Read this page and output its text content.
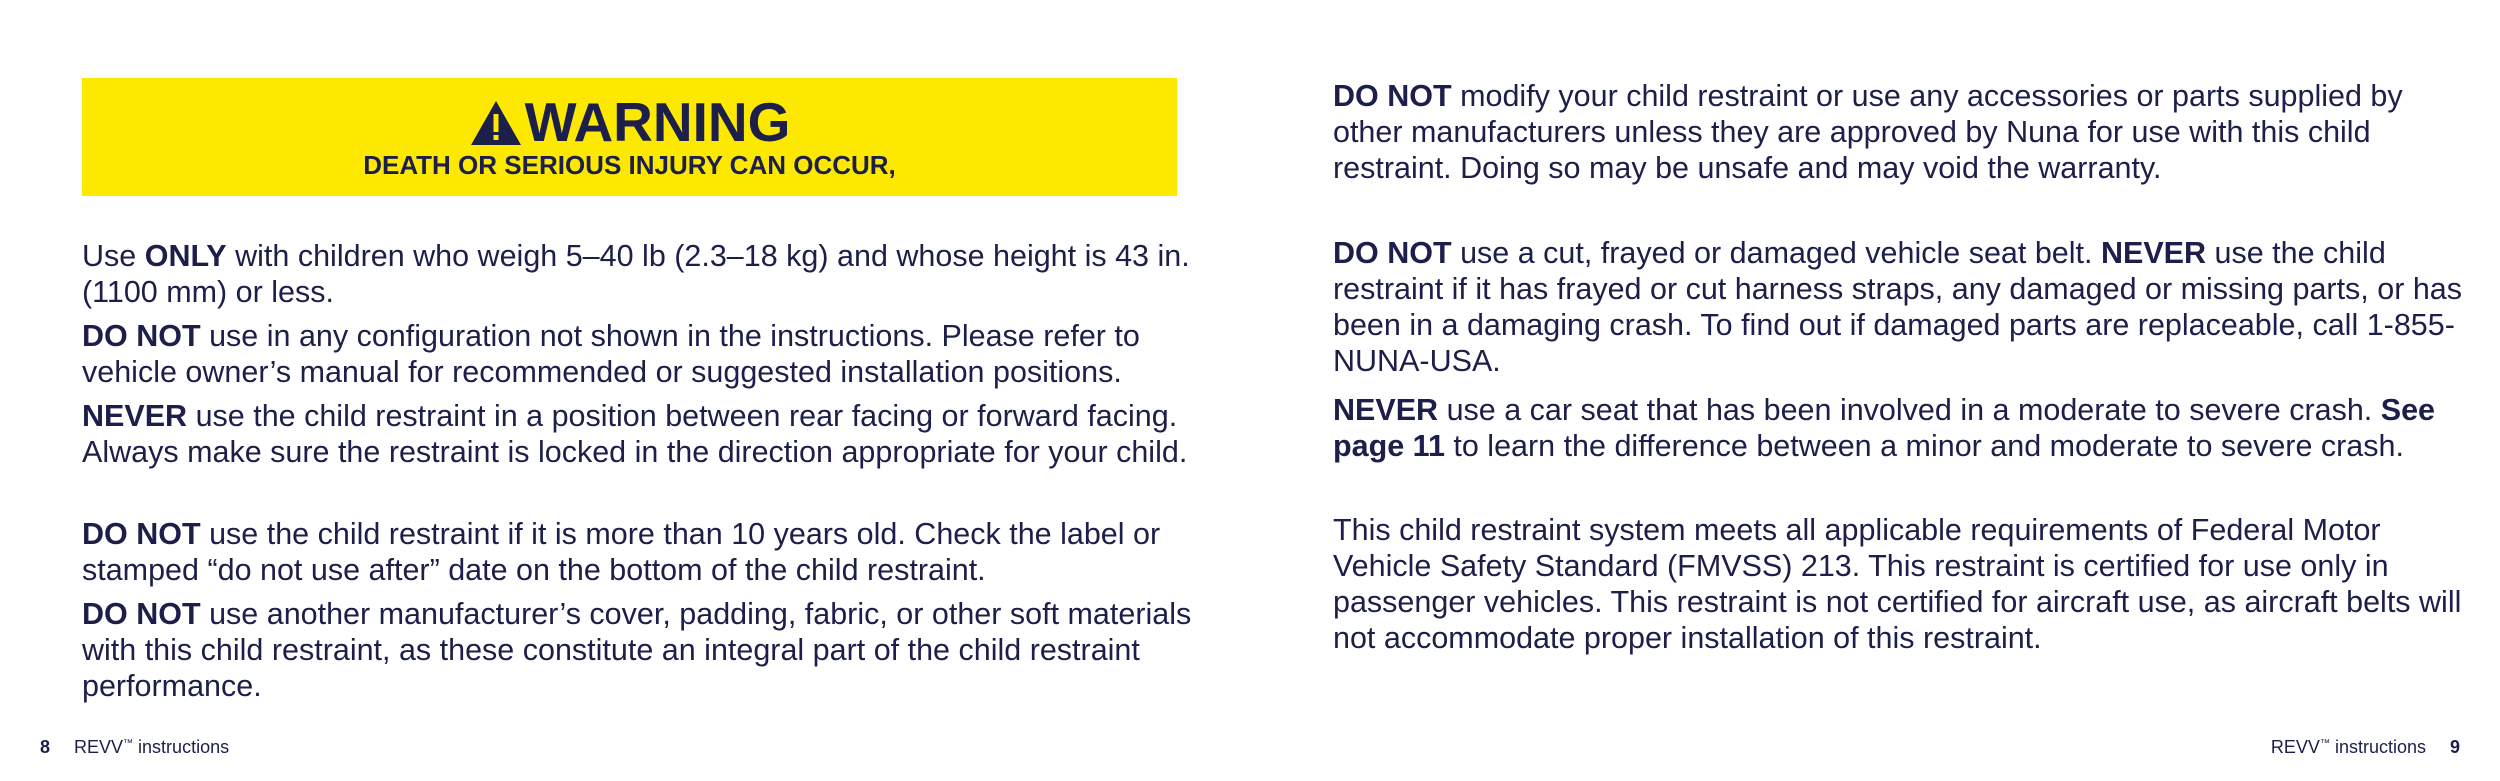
WARNING
DEATH OR SERIOUS INJURY CAN OCCUR,

Use ONLY with children who weigh 5–40 lb (2.3–18 kg) and whose height is 43 in. (1100 mm) or less.

DO NOT use in any configuration not shown in the instructions. Please refer to vehicle owner’s manual for recommended or suggested installation positions.

NEVER use the child restraint in a position between rear facing or forward facing.  Always make sure the restraint is locked in the direction appropriate for your child.

DO NOT use the child restraint if it is more than 10 years old. Check the label or stamped “do not use after” date on the bottom of the child restraint.

DO NOT use another manufacturer’s cover, padding, fabric, or other soft materials with this child restraint, as these constitute an integral part of the child restraint performance.

8 REVV™ instructions

DO NOT modify your child restraint or use any accessories or parts supplied by other manufacturers unless they are approved by Nuna for use with this child restraint. Doing so may be unsafe and may void the warranty.

DO NOT use a cut, frayed or damaged vehicle seat belt. NEVER use the child restraint if it has frayed or cut harness straps, any damaged or missing parts, or has been in a damaging crash. To find out if damaged parts are replaceable, call 1-855-NUNA-USA.

NEVER use a car seat that has been involved in a moderate to severe crash. See page 11 to learn the difference between a minor and moderate to severe crash.

This child restraint system meets all applicable requirements of Federal Motor Vehicle Safety Standard (FMVSS) 213. This restraint is certified for use only in passenger vehicles. This restraint is not certified for aircraft use, as aircraft belts will not accommodate proper installation of this restraint.

REVV™ instructions 9
